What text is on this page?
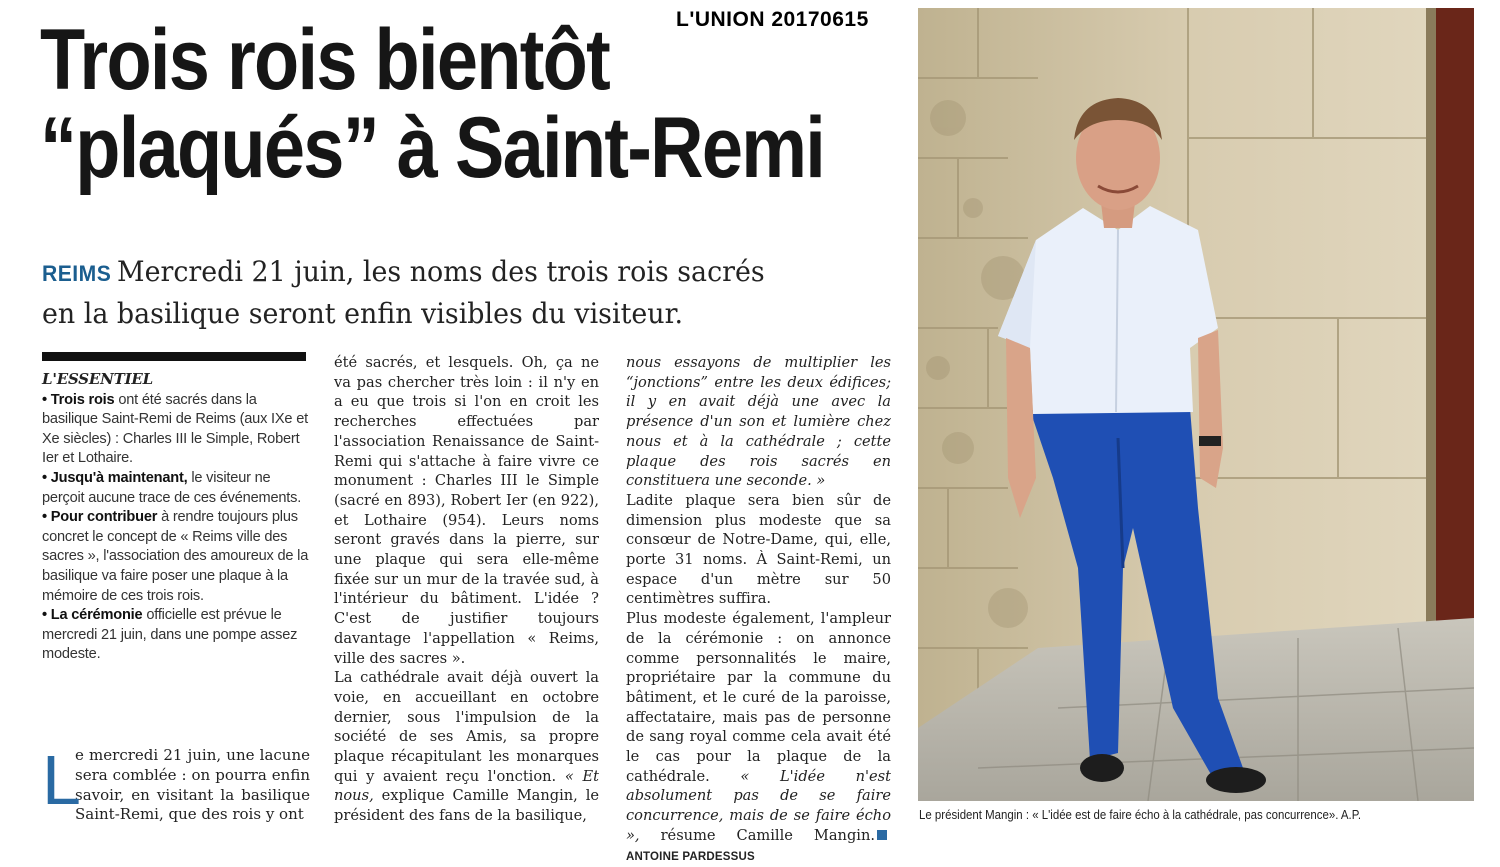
L'UNION 20170615
Trois rois bientôt
“plaqués” à Saint-Remi
REIMS Mercredi 21 juin, les noms des trois rois sacrés en la basilique seront enfin visibles du visiteur.
L'ESSENTIEL

• Trois rois ont été sacrés dans la basilique Saint-Remi de Reims (aux IXe et Xe siècles) : Charles III le Simple, Robert Ier et Lothaire.

• Jusqu'à maintenant, le visiteur ne perçoit aucune trace de ces événements.

• Pour contribuer à rendre toujours plus concret le concept de « Reims ville des sacres », l'association des amoureux de la basilique va faire poser une plaque à la mémoire de ces trois rois.

• La cérémonie officielle est prévue le mercredi 21 juin, dans une pompe assez modeste.

L
e mercredi 21 juin, une lacune sera comblée : on pourra enfin savoir, en visitant la basilique Saint-Remi, que des rois y ont

été sacrés, et lesquels. Oh, ça ne va pas chercher très loin : il n'y en a eu que trois si l'on en croit les recherches effectuées par l'association Renaissance de Saint-Remi qui s'attache à faire vivre ce monument : Charles III le Simple (sacré en 893), Robert Ier (en 922), et Lothaire (954). Leurs noms seront gravés dans la pierre, sur une plaque qui sera elle-même fixée sur un mur de la travée sud, à l'intérieur du bâtiment. L'idée ? C'est de justifier toujours davantage l'appellation « Reims, ville des sacres ».

La cathédrale avait déjà ouvert la voie, en accueillant en octobre dernier, sous l'impulsion de la société de ses Amis, sa propre plaque récapitulant les monarques qui y avaient reçu l'onction. « Et nous, explique Camille Mangin, le président des fans de la basilique,

nous essayons de multiplier les “jonctions” entre les deux édifices; il y en avait déjà une avec la présence d'un son et lumière chez nous et à la cathédrale ; cette plaque des rois sacrés en constituera une seconde. »

Ladite plaque sera bien sûr de dimension plus modeste que sa consœur de Notre-Dame, qui, elle, porte 31 noms. À Saint-Remi, un espace d'un mètre sur 50 centimètres suffira.

Plus modeste également, l'ampleur de la cérémonie : on annonce comme personnalités le maire, propriétaire par la commune du bâtiment, et le curé de la paroisse, affectataire, mais pas de personne de sang royal comme cela avait été le cas pour la plaque de la cathédrale. « L'idée n'est absolument pas de se faire concurrence, mais de se faire écho », résume Camille Mangin.ANTOINE PARDESSUS

Le président Mangin : « L'idée est de faire écho à la cathédrale, pas concurrence». A.P.
